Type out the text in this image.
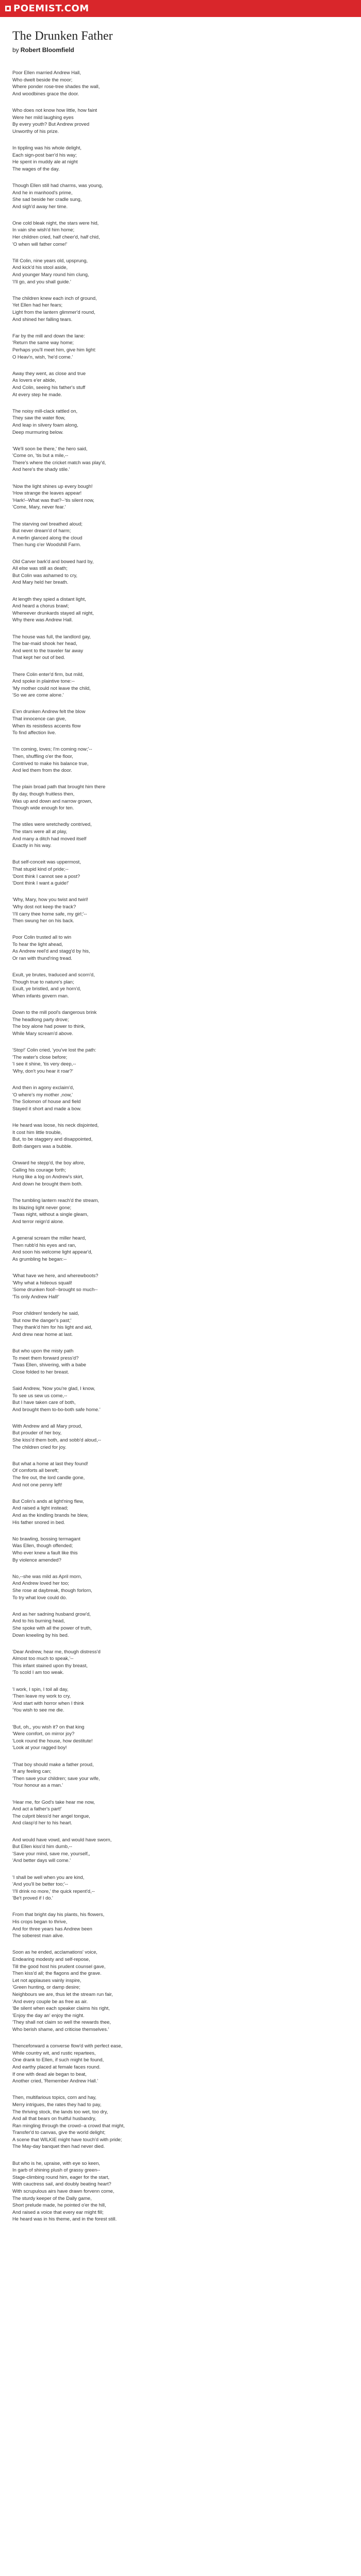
POEMIST.COM
The Drunken Father
by Robert Bloomfield
Poor Ellen married Andrew Hall,
Who dwelt beside the moor;
Where ponder rose-tree shades the wall,
And woodbines grace the door.
Who does not know how little, how faint
Were her mild laughing eyes
By every youth? But Andrew proved
Unworthy of his prize.
In tippling was his whole delight,
Each sign-post barr'd his way;
He spent in muddy ale at night
The wages of the day.
Though Ellen still had charms, was young,
And he in manhood's prime,
She sad beside her cradle sung,
And sigh'd away her time.
One cold bleak night, the stars were hid,
In vain she wish'd him home;
Her children cried, half cheer'd, half chid,
'O when will father come!'
Till Colin, nine years old, upsprung,
And kick'd his stool aside,
And younger Mary round him clung,
'I'll go, and you shall guide.'
The children knew each inch of ground,
Yet Ellen had her fears;
Light from the lantern glimmer'd round,
And shined her falling tears.
Far by the mill and down the lane:
'Return the same way home;
Perhaps you'll meet him, give him light:
O Heav'n, wish, 'he'd come.'
Away they went, as close and true
As lovers e'er abide,
And Colin, seeing his father's stuff
At every step he made.
The noisy mill-clack rattled on,
They saw the water flow,
And leap in silvery foam along,
Deep murmuring below.
'We'll soon be there,' the hero said,
'Come on, 'tis but a mile,--
There's where the cricket match was play'd,
And here's the shady stile.'
'Now the light shines up every bough!
'How strange the leaves appear!
'Hark!--What was that?--'tis silent now,
'Come, Mary, never fear.'
The starving owl breathed aloud;
But never dream'd of harm;
A merlin glanced along the cloud
Then hung o'er Woodshill Farm.
Old Carver bark'd and bowed hard by,
All else was still as death;
But Colin was ashamed to cry,
And Mary held her breath.
At length they spied a distant light,
And heard a chorus brawl;
Whereever drunkards stayed all night,
Why there was Andrew Hall.
The house was full, the landlord gay,
The bar-maid shook her head,
And went to the traveler far away
That kept her out of bed.
There Colin enter'd firm, but mild,
And spoke in plaintive tone:--
'My mother could not leave the child,
'So we are come alone.'
E'en drunken Andrew felt the blow
That innocence can give,
When its resistless accents flow
To find affection live.
'I'm coming, loves; I'm coming now;'--
Then, shuffling o'er the floor,
Contrived to make his balance true,
And led them from the door.
The plain broad path that brought him there
By day, though fruitless then,
Was up and down and narrow grown,
Though wide enough for ten.
The stiles were wretchedly contrived,
The stars were all at play,
And many a ditch had moved itself
Exactly in his way.
But self-conceit was uppermost,
That stupid kind of pride;--
'Dont think I cannot see a post?
'Dont think I want a guide!'
'Why, Mary, how you twist and twirl!
'Why dost not keep the track?
'I'll carry thee home safe, my girl;'--
Then swung her on his back.
Poor Colin trusted all to win
To hear the light ahead,
As Andrew reel'd and stagg'd by his,
Or ran with thund'ring tread.
Exult, ye brutes, traduced and scorn'd,
Though true to nature's plan;
Exult, ye bristled, and ye horn'd,
When infants govern man.
Down to the mill pool's dangerous brink
The headlong party drove;
The boy alone had power to think,
While Mary scream'd above.
'Stop!' Colin cried, 'you've lost the path:
'The water's close before;
'I see it shine, 'tis very deep,--
'Why, don't you hear it roar?'
And then in agony exclaim'd,
'O where's my mother ,now,'
The Solomon of house and field
Stayed it short and made a bow.
He heard was loose, his neck disjointed,
It cost him little trouble,
But, to be staggery and disappointed,
Both dangers was a bubble.
Onward he stepp'd, the boy afore,
Calling his courage forth;
Hung like a log on Andrew's skirt,
And down he brought them both.
The tumbling lantern reach'd the stream,
Its blazing light never gone;
'Twas night, without a single gleam,
And terror reign'd alone.
A general scream the miller heard,
Then rubb'd his eyes and ran,
And soon his welcome light appear'd,
As grumbling he began:--
'What have we here, and wherewboots?
'Why what a hideous squall!
'Some drunken fool!--brought so much--
'Tis only Andrew Hall!'
Poor children! tenderly he said,
'But now the danger's past;'
They thank'd him for his light and aid,
And drew near home at last.
But who upon the misty path
To meet them forward press'd?
'Twas Ellen, shivering, with a babe
Close folded to her breast.
Said Andrew, 'Now you're glad, I know,
To see us sew us come,--
But I have taken care of both,
And brought them to-bo-both safe home.'
With Andrew and all Mary proud,
But prouder of her boy,
She kiss'd them both, and sobb'd aloud,--
The children cried for joy.
But what a home at last they found!
Of comforts all bereft;
The fire out, the lord candle gone,
And not one penny left!
But Colin's ands at light'ning flew,
And raised a light instead;
And as the kindling brands he blew,
His father snored in bed.
No brawling, bossing termagant
Was Ellen, though offended;
Who ever knew a fault like this
By violence amended?
No,--she was mild as April morn,
And Andrew loved her too;
She rose at daybreak, though forlorn,
To try what love could do.
And as her sadning husband grow'd,
And to his burning head,
She spoke with all the power of truth,
Down kneeling by his bed.
'Dear Andrew, hear me, though distress'd
Almost too much to speak,'--
This infant stained upon thy breast,
'To scold I am too weak.
'I work, I spin, I toil all day,
'Then leave my work to cry,
'And start with horror when I think
'You wish to see me die.
'But, oh,, you wish it? on that king
'Were comfort, on mirror joy?
'Look round the house, how destitute!
'Look at your ragged boy!
'That boy should make a father proud,
'If any feeling can;
'Then save your children; save your wife,
'Your honour as a man.'
'Hear me, for God's take hear me now,
And act a father's part!'
The culprit bless'd her angel tongue,
And clasp'd her to his heart.
And would have vowd, and would have sworn,
But Ellen kiss'd him dumb,--
'Save your mind, save me, yourself,,
'And better days will come.'
'I shall be well when you are kind,
'And you'll be better too;'--
'I'll drink no more,' the quick repent'd,--
'Be't proved if I do.'
From that bright day his plants, his flowers,
His crops began to thrive,
And for three years has Andrew been
The soberest man alive.
Soon as he ended, acclamations' voice,
Endearing modesty and self-repose,
Till the good host his prudent counsel gave,
Then kiss'd all; the flagons and the grave.
Let not applauses vainly inspire,
'Green hunting, or damp desire;
Neighbours we are, thus let the stream run fair,
'And every couple be as free as air.
'Be silent when each speaker claims his right,
'Enjoy the day an' enjoy the night.
'They shall not claim so well the rewards thee,
Who berish shame, and criticise themselves.'
Thenceforward a converse flow'd with perfect ease,
While country wit, and rustic repartees,
One drank to Ellen, if such might be found,
And earthy placed at female faces round.
If one with dead ale began to beat,
Another cried, 'Remember Andrew Hall.'
Then, multifarious topics, corn and hay,
Merry intrigues, the rates they had to pay,
The thriving stock, the lands too wet, too dry,
And all that bears on fruitful husbandry,
Ran mingling through the crowd--a crowd that might,
Transfer'd to canvas, give the world delight;
A scene that WILKIE might have touch'd with pride;
The May-day banquet then had never died.
But who is he, upraise, with eye so keen,
In garb of shining plush of grassy green--
Stage-climbing round him, eager for the start,
With cauctress sail, and doubly beating heart?
With scrupulous airs have drawn forvenn come,
The sturdy keeper of the Dally game,
Short prelude made, he pointed o'er the hill,
And raised a voice that every ear might fill;
He heard was in his theme, and in the forest still.
